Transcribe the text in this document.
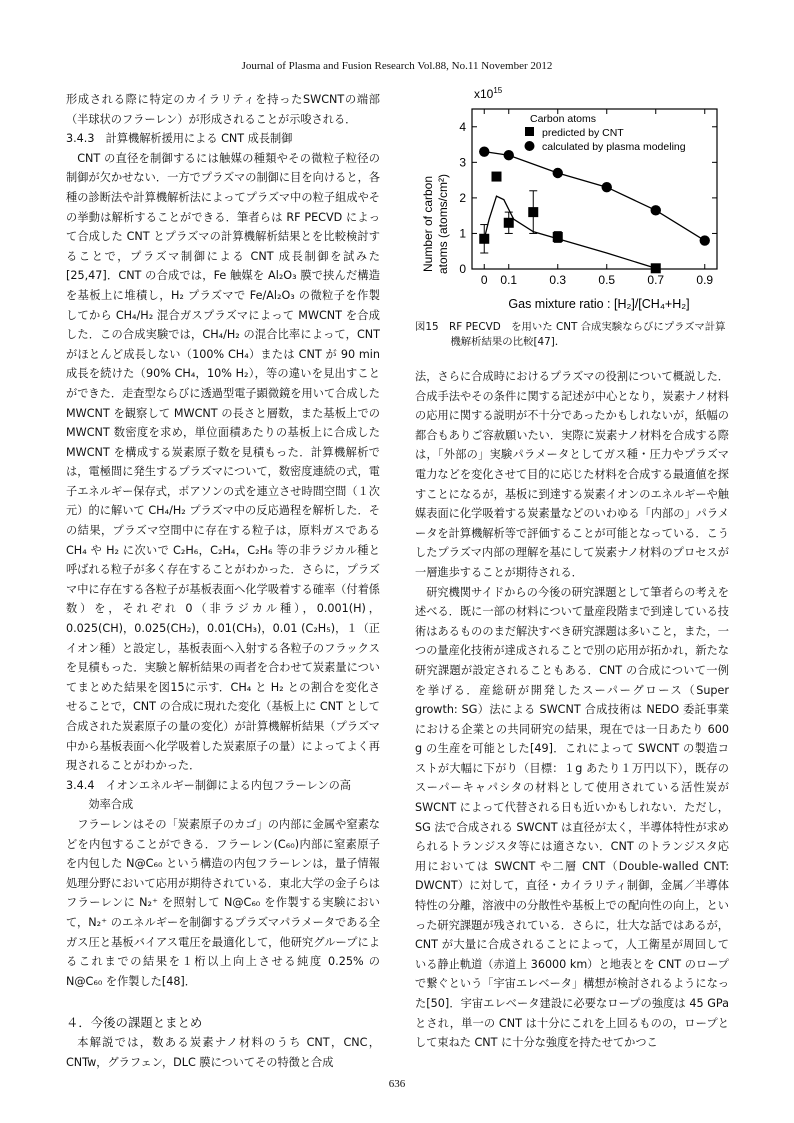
Journal of Plasma and Fusion Research Vol.88, No.11 November 2012

形成される際に特定のカイラリティを持ったSWCNTの端部（半球状のフラーレン）が形成されることが示唆される．

3.4.3　計算機解析援用による CNT 成長制御

CNT の直径を制御するには触媒の種類やその微粒子粒径の制御が欠かせない．一方でプラズマの制御に目を向けると，各種の診断法や計算機解析法によってプラズマ中の粒子組成やその挙動は解析することができる．筆者らは RF PECVD によって合成した CNT とプラズマの計算機解析結果とを比較検討することで，プラズマ制御による CNT 成長制御を試みた[25,47]．CNT の合成では，Fe 触媒を Al₂O₃ 膜で挟んだ構造を基板上に堆積し，H₂ プラズマで Fe/Al₂O₃ の微粒子を作製してから CH₄/H₂ 混合ガスプラズマによって MWCNT を合成した．この合成実験では，CH₄/H₂ の混合比率によって，CNT がほとんど成長しない（100% CH₄）または CNT が 90 min 成長を続けた（90% CH₄，10% H₂），等の違いを見出すことができた．走査型ならびに透過型電子顕微鏡を用いて合成した MWCNT を観察して MWCNT の長さと層数，また基板上での MWCNT 数密度を求め，単位面積あたりの基板上に合成した MWCNT を構成する炭素原子数を見積もった．計算機解析では，電極間に発生するプラズマについて，数密度連続の式，電子エネルギー保存式，ポアソンの式を連立させ時間空間（１次元）的に解いて CH₄/H₂ プラズマ中の反応過程を解析した．その結果，プラズマ空間中に存在する粒子は，原料ガスである CH₄ や H₂ に次いで C₂H₆，C₂H₄，C₂H₆ 等の非ラジカル種と呼ばれる粒子が多く存在することがわかった．さらに，プラズマ中に存在する各粒子が基板表面へ化学吸着する確率（付着係数）を，それぞれ 0（非ラジカル種），0.001(H)，0.025(CH)，0.025(CH₂)，0.01(CH₃)，0.01 (C₂H₅)，１（正イオン種）と設定し，基板表面へ入射する各粒子のフラックスを見積もった．実験と解析結果の両者を合わせて炭素量についてまとめた結果を図15に示す．CH₄ と H₂ との割合を変化させることで，CNT の合成に現れた変化（基板上に CNT として合成された炭素原子の量の変化）が計算機解析結果（プラズマ中から基板表面へ化学吸着した炭素原子の量）によってよく再現されることがわかった．

3.4.4　イオンエネルギー制御による内包フラーレンの高
効率合成

フラーレンはその「炭素原子のカゴ」の内部に金属や窒素などを内包することができる．フラーレン(C₆₀)内部に窒素原子を内包した N@C₆₀ という構造の内包フラーレンは，量子情報処理分野において応用が期待されている．東北大学の金子らはフラーレンに N₂⁺ を照射して N@C₆₀ を作製する実験において，N₂⁺ のエネルギーを制御するプラズマパラメータである全ガス圧と基板バイアス電圧を最適化して，他研究グループによるこれまでの結果を１桁以上向上させる純度 0.25% の N@C₆₀ を作製した[48]．

４．今後の課題とまとめ

本解説では，数ある炭素ナノ材料のうち CNT，CNC，CNTw，グラフェン，DLC 膜についてその特徴と合成

$x10^{15}$
Carbon atoms
Number of carbon atoms (atoms/cm²)
Gas mixture ratio : [H₂]/[CH₄+H₂]
0 0.1	0.3	0.5	0.7	0.9
0
1
2
3
4	predicted by CNT
calculated by plasma modeling
図15　RF PECVD　を用いた CNT 合成実験ならびにプラズマ計算
機解析結果の比較[47]．

法，さらに合成時におけるプラズマの役割について概説した．合成手法やその条件に関する記述が中心となり，炭素ナノ材料の応用に関する説明が不十分であったかもしれないが，紙幅の都合もありご容赦願いたい．実際に炭素ナノ材料を合成する際は，「外部の」実験パラメータとしてガス種・圧力やプラズマ電力などを変化させて目的に応じた材料を合成する最適値を探すことになるが，基板に到達する炭素イオンのエネルギーや触媒表面に化学吸着する炭素量などのいわゆる「内部の」パラメータを計算機解析等で評価することが可能となっている．こうしたプラズマ内部の理解を基にして炭素ナノ材料のプロセスが一層進歩することが期待される．

研究機関サイドからの今後の研究課題として筆者らの考えを述べる．既に一部の材料について量産段階まで到達している技術はあるもののまだ解決すべき研究課題は多いこと，また，一つの量産化技術が達成されることで別の応用が拓かれ，新たな研究課題が設定されることもある．CNT の合成について一例を挙げる．産総研が開発したスーパーグロース（Super growth: SG）法による SWCNT 合成技術は NEDO 委託事業における企業との共同研究の結果，現在では一日あたり 600 g の生産を可能とした[49]．これによって SWCNT の製造コストが大幅に下がり（目標：１g あたり１万円以下），既存のスーパーキャパシタの材料として使用されている活性炭が SWCNT によって代替される日も近いかもしれない．ただし，SG 法で合成される SWCNT は直径が太く，半導体特性が求められるトランジスタ等には適さない．CNT のトランジスタ応用においては SWCNT や二層 CNT（Double-walled CNT: DWCNT）に対して，直径・カイラリティ制御，金属／半導体特性の分離，溶液中の分散性や基板上での配向性の向上，といった研究課題が残されている．さらに，壮大な話ではあるが，CNT が大量に合成されることによって，人工衛星が周回している静止軌道（赤道上 36000 km）と地表とを CNT のロープで繋ぐという「宇宙エレベータ」構想が検討されるようになった[50]．宇宙エレベータ建設に必要なロープの強度は 45 GPa とされ，単一の CNT は十分にこれを上回るものの，ロープとして束ねた CNT に十分な強度を持たせてかつこ

636
